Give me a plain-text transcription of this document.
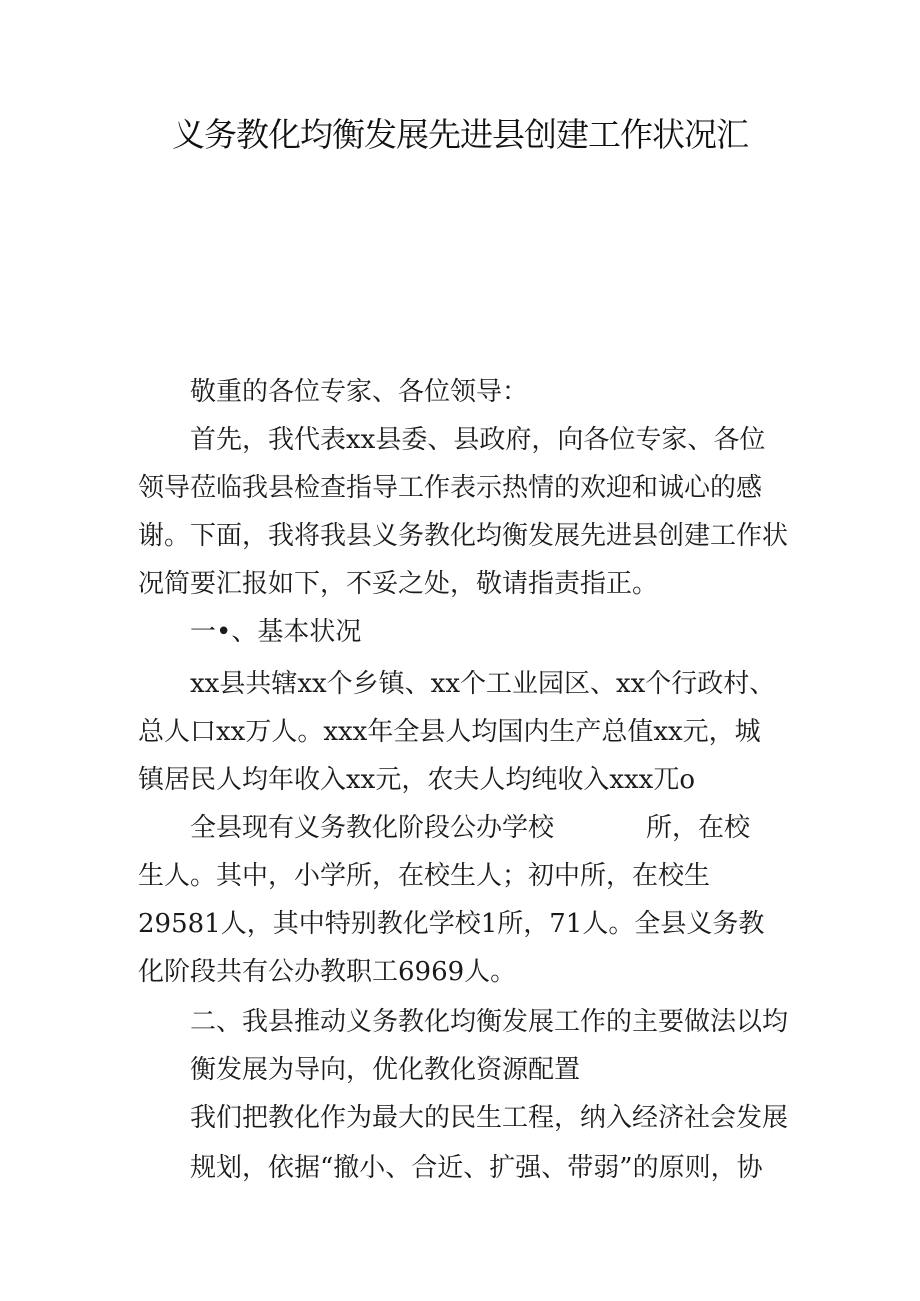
义务教化均衡发展先进县创建工作状况汇
敬重的各位专家、各位领导：
首先，我代表xx县委、县政府，向各位专家、各位
领导莅临我县检查指导工作表示热情的欢迎和诚心的感
谢。下面，我将我县义务教化均衡发展先进县创建工作状
况简要汇报如下，不妥之处，敬请指责指正。
一•、基本状况
xx县共辖xx个乡镇、xx个工业园区、xx个行政村、
总人口xx万人。xxx年全县人均国内生产总值xx元，城
镇居民人均年收入xx元，农夫人均纯收入xxx兀o
全县现有义务教化阶段公办学校	所，在校
生人。其中，小学所，在校生人；初中所，在校生
29581人，其中特别教化学校1所，71人。全县义务教
化阶段共有公办教职工6969人。
二、我县推动义务教化均衡发展工作的主要做法以均
衡发展为导向，优化教化资源配置
我们把教化作为最大的民生工程，纳入经济社会发展
规划，依据“撤小、合近、扩强、带弱”的原则，协
